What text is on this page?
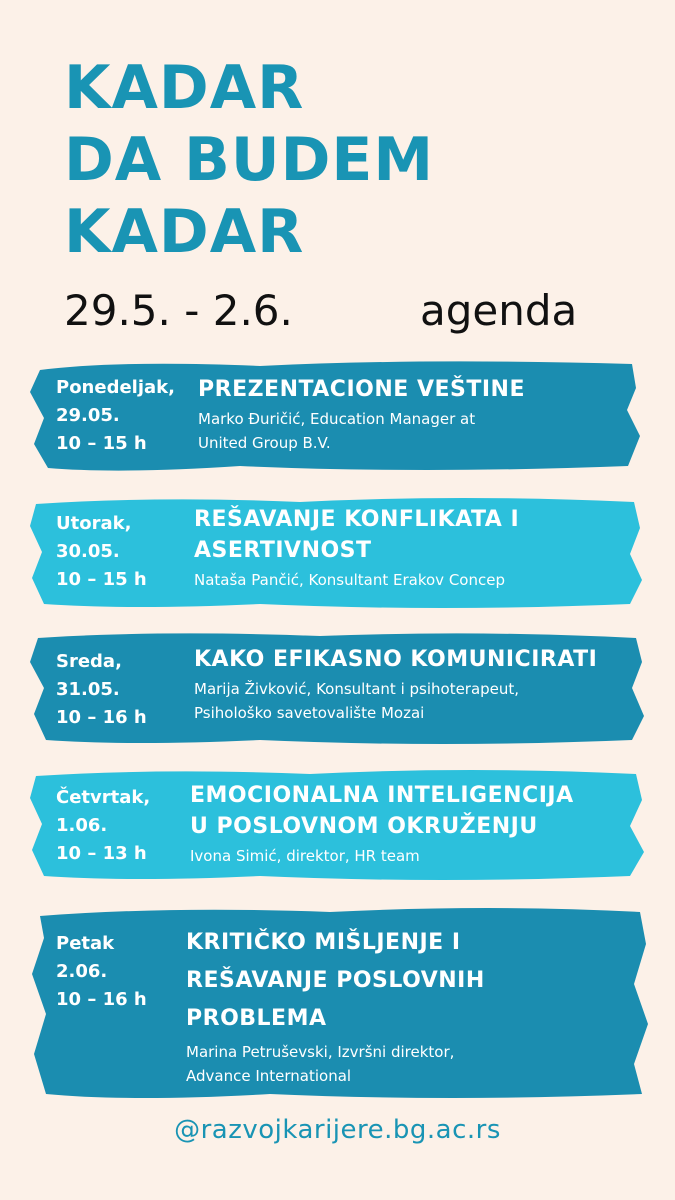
KADAR
DA BUDEM
KADAR
29.5. - 2.6.	agenda
Ponedeljak,
29.05.
10 – 15 h
PREZENTACIONE VEŠTINE
Marko Đuričić, Education Manager at
United Group B.V.
Utorak,
30.05.
10 – 15 h
REŠAVANJE KONFLIKATA I
ASERTIVNOST
Nataša Pančić, Konsultant Erakov Concep
Sreda,
31.05.
10 – 16 h
KAKO EFIKASNO KOMUNICIRATI
Marija Živković, Konsultant i psihoterapeut,
Psihološko savetovalište Mozai
Četvrtak,
1.06.
10 – 13 h
EMOCIONALNA INTELIGENCIJA
U POSLOVNOM OKRUŽENJU
Ivona Simić, direktor, HR team
Petak
2.06.
10 – 16 h
KRITIČKO MIŠLJENJE I
REŠAVANJE POSLOVNIH
PROBLEMA
Marina Petruševski, Izvršni direktor,
Advance International
@razvojkarijere.bg.ac.rs
